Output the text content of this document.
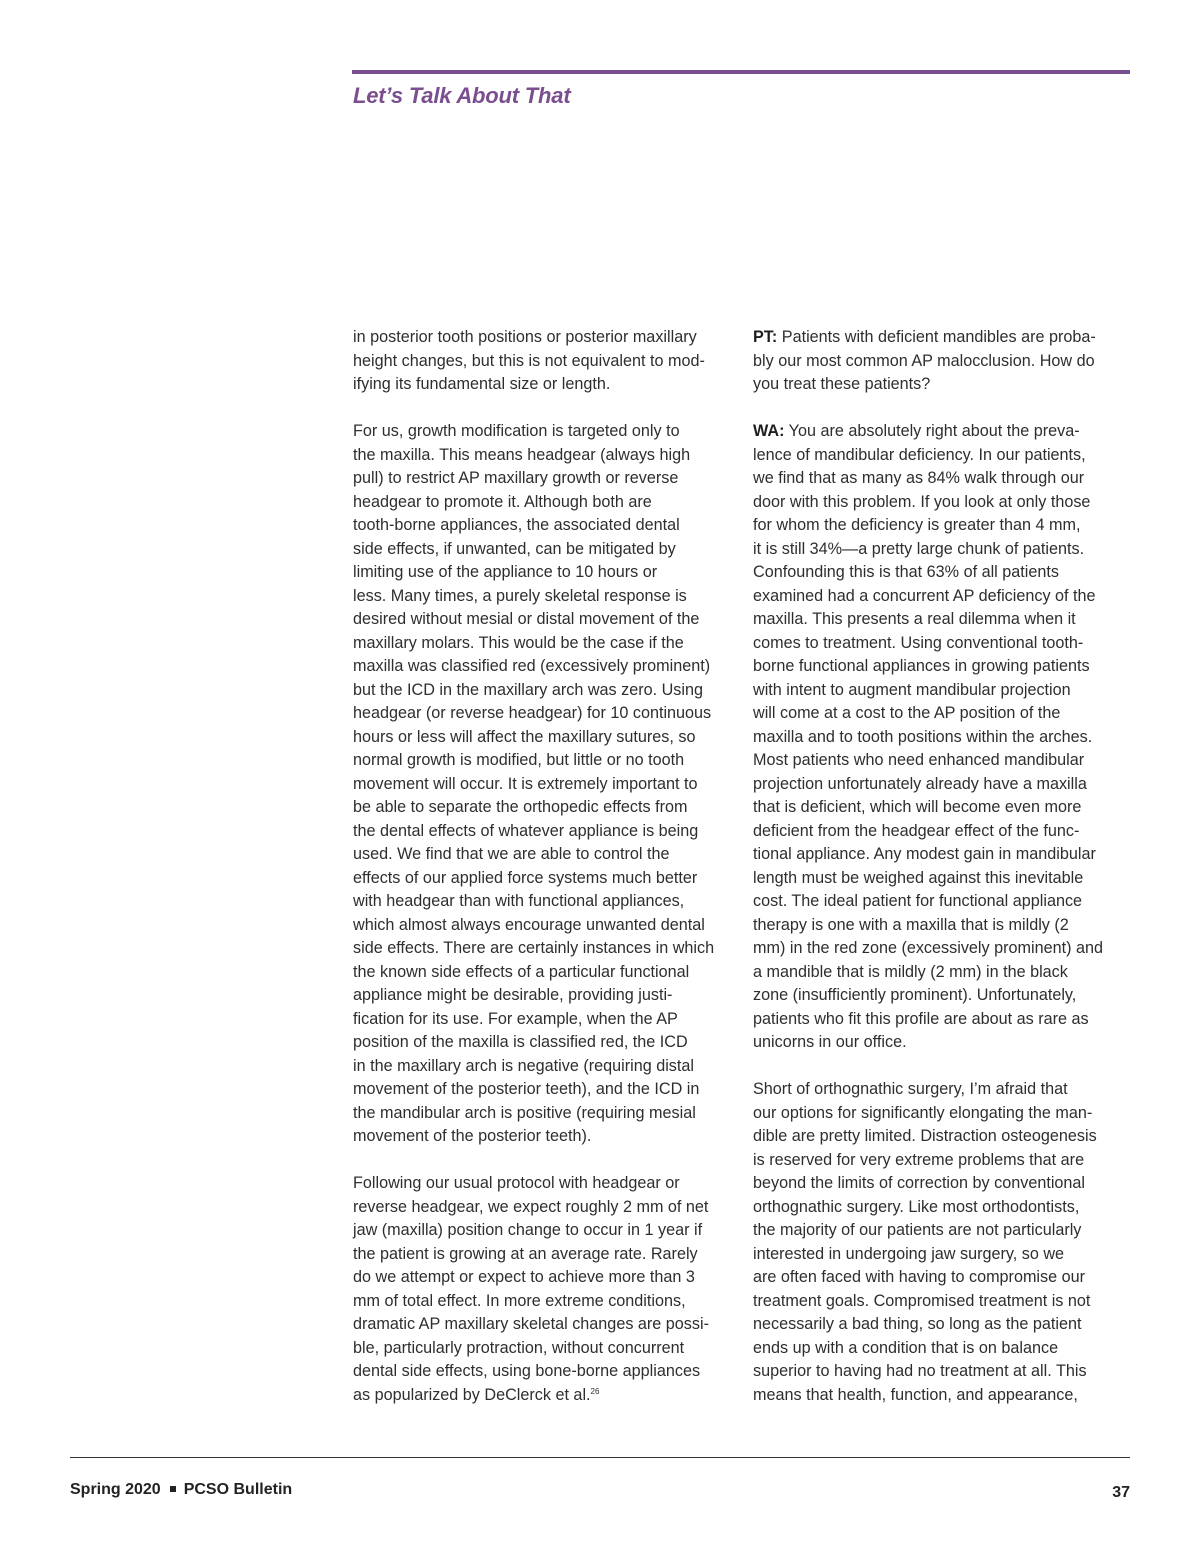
Let’s Talk About That

in posterior tooth positions or posterior maxillary
height changes, but this is not equivalent to mod-
ifying its fundamental size or length.

For us, growth modification is targeted only to
the maxilla. This means headgear (always high
pull) to restrict AP maxillary growth or reverse
headgear to promote it. Although both are
tooth-borne appliances, the associated dental
side effects, if unwanted, can be mitigated by
limiting use of the appliance to 10 hours or
less. Many times, a purely skeletal response is
desired without mesial or distal movement of the
maxillary molars. This would be the case if the
maxilla was classified red (excessively prominent)
but the ICD in the maxillary arch was zero. Using
headgear (or reverse headgear) for 10 continuous
hours or less will affect the maxillary sutures, so
normal growth is modified, but little or no tooth
movement will occur. It is extremely important to
be able to separate the orthopedic effects from
the dental effects of whatever appliance is being
used. We find that we are able to control the
effects of our applied force systems much better
with headgear than with functional appliances,
which almost always encourage unwanted dental
side effects. There are certainly instances in which
the known side effects of a particular functional
appliance might be desirable, providing justi-
fication for its use. For example, when the AP
position of the maxilla is classified red, the ICD
in the maxillary arch is negative (requiring distal
movement of the posterior teeth), and the ICD in
the mandibular arch is positive (requiring mesial
movement of the posterior teeth).

Following our usual protocol with headgear or
reverse headgear, we expect roughly 2 mm of net
jaw (maxilla) position change to occur in 1 year if
the patient is growing at an average rate. Rarely
do we attempt or expect to achieve more than 3
mm of total effect. In more extreme conditions,
dramatic AP maxillary skeletal changes are possi-
ble, particularly protraction, without concurrent
dental side effects, using bone-borne appliances
as popularized by DeClerck et al.$^{26}$

PT: Patients with deficient mandibles are proba-
bly our most common AP malocclusion. How do
you treat these patients?

WA: You are absolutely right about the preva-
lence of mandibular deficiency. In our patients,
we find that as many as 84% walk through our
door with this problem. If you look at only those
for whom the deficiency is greater than 4 mm,
it is still 34%—a pretty large chunk of patients.
Confounding this is that 63% of all patients
examined had a concurrent AP deficiency of the
maxilla. This presents a real dilemma when it
comes to treatment. Using conventional tooth-
borne functional appliances in growing patients
with intent to augment mandibular projection
will come at a cost to the AP position of the
maxilla and to tooth positions within the arches.
Most patients who need enhanced mandibular
projection unfortunately already have a maxilla
that is deficient, which will become even more
deficient from the headgear effect of the func-
tional appliance. Any modest gain in mandibular
length must be weighed against this inevitable
cost. The ideal patient for functional appliance
therapy is one with a maxilla that is mildly (2
mm) in the red zone (excessively prominent) and
a mandible that is mildly (2 mm) in the black
zone (insufficiently prominent). Unfortunately,
patients who fit this profile are about as rare as
unicorns in our office.

Short of orthognathic surgery, I’m afraid that
our options for significantly elongating the man-
dible are pretty limited. Distraction osteogenesis
is reserved for very extreme problems that are
beyond the limits of correction by conventional
orthognathic surgery. Like most orthodontists,
the majority of our patients are not particularly
interested in undergoing jaw surgery, so we
are often faced with having to compromise our
treatment goals. Compromised treatment is not
necessarily a bad thing, so long as the patient
ends up with a condition that is on balance
superior to having had no treatment at all. This
means that health, function, and appearance,

Spring 2020 PCSO Bulletin	37
